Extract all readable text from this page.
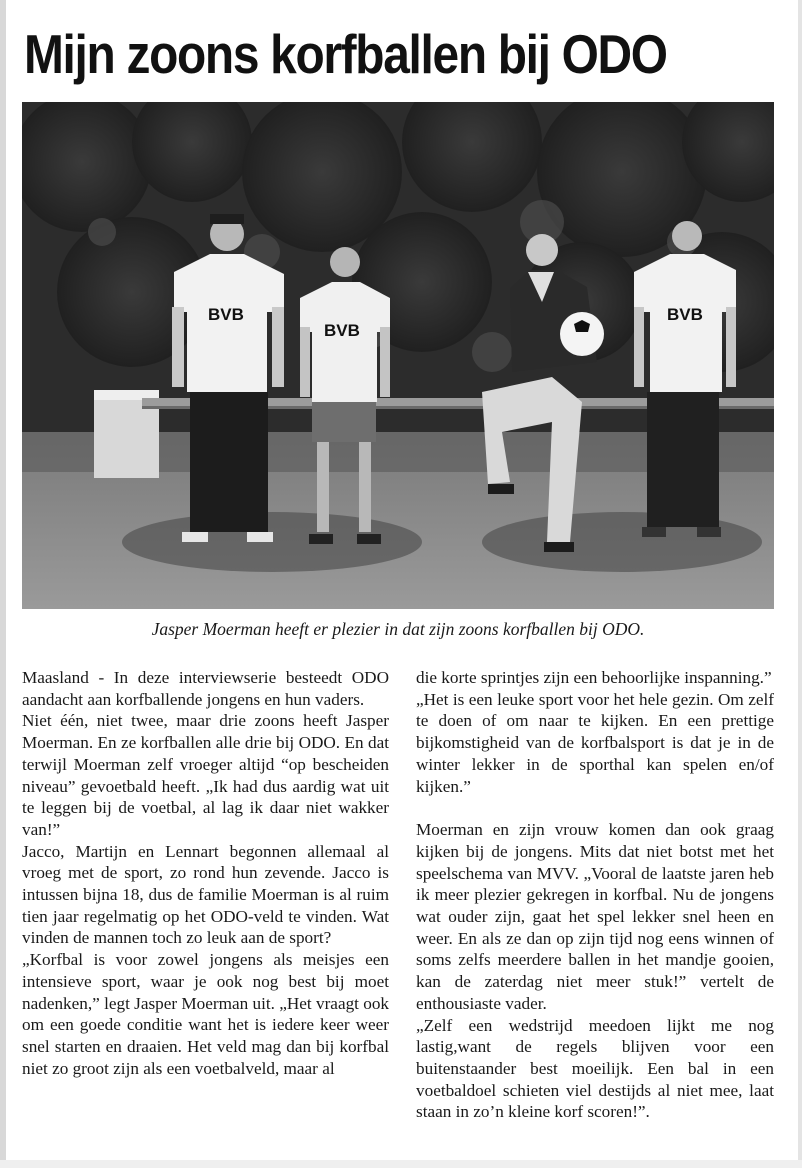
Mijn zoons korfballen bij ODO
BVB
BVB
BVB

Jasper Moerman heeft er plezier in dat zijn zoons korfballen bij ODO.

Maasland - In deze interviewserie besteedt ODO aandacht aan korfballende jongens en hun vaders.

Niet één, niet twee, maar drie zoons heeft Jasper Moerman. En ze korfballen alle drie bij ODO. En dat terwijl Moerman zelf vroeger altijd “op bescheiden niveau” gevoetbald heeft. „Ik had dus aardig wat uit te leggen bij de voetbal, al lag ik daar niet wakker van!”

Jacco, Martijn en Lennart begonnen allemaal al vroeg met de sport, zo rond hun zevende. Jacco is intussen bijna 18, dus de familie Moerman is al ruim tien jaar regelmatig op het ODO-veld te vinden. Wat vinden de mannen toch zo leuk aan de sport?

„Korfbal is voor zowel jongens als meisjes een intensieve sport, waar je ook nog best bij moet nadenken,” legt Jasper Moerman uit. „Het vraagt ook om een goede conditie want het is iedere keer weer snel starten en draaien. Het veld mag dan bij korfbal niet zo groot zijn als een voetbalveld, maar al

die korte sprintjes zijn een behoorlijke inspanning.”

„Het is een leuke sport voor het hele gezin. Om zelf te doen of om naar te kijken. En een prettige bijkomstigheid van de korfbalsport is dat je in de winter lekker in de sporthal kan spelen en/of kijken.”

Moerman en zijn vrouw komen dan ook graag kijken bij de jongens. Mits dat niet botst met het speelschema van MVV. „Vooral de laatste jaren heb ik meer plezier gekregen in korfbal. Nu de jongens wat ouder zijn, gaat het spel lekker snel heen en weer. En als ze dan op zijn tijd nog eens winnen of soms zelfs meerdere ballen in het mandje gooien, kan de zaterdag niet meer stuk!” vertelt de enthousiaste vader.

„Zelf een wedstrijd meedoen lijkt me nog lastig,want de regels blijven voor een buitenstaander best moeilijk. Een bal in een voetbaldoel schieten viel destijds al niet mee, laat staan in zo’n kleine korf scoren!”.
